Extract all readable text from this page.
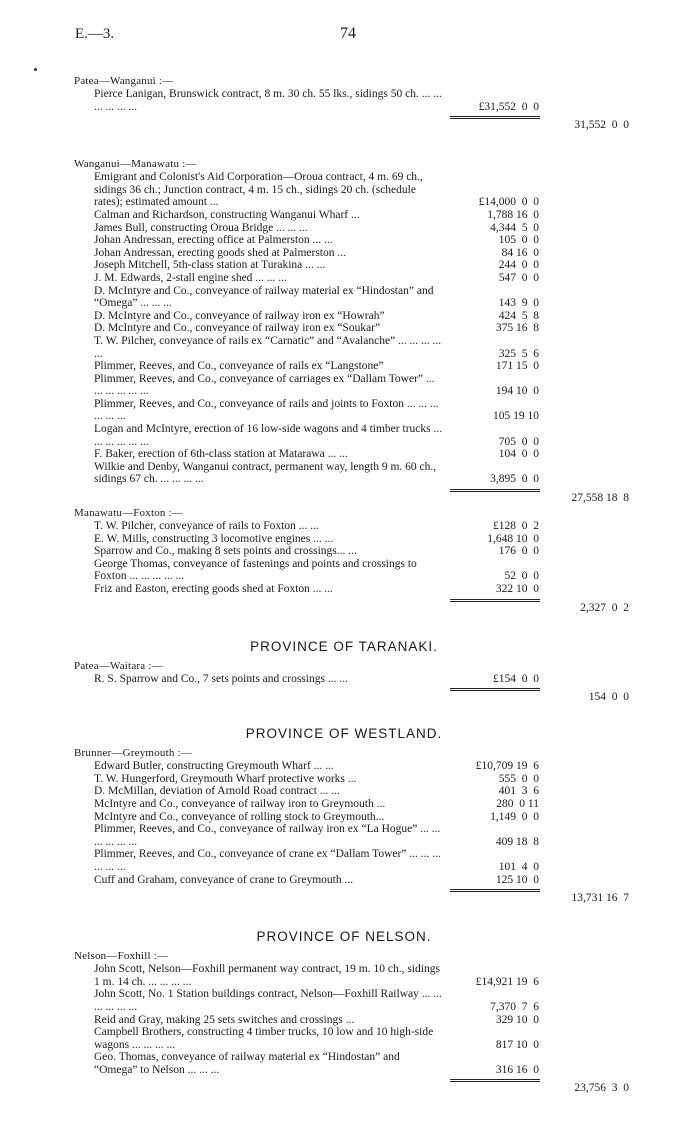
E.—3.	74
Patea—Wanganui :—
Pierce Lanigan, Brunswick contract, 8 m. 30 ch. 55 lks., sidings 50 ch. ... ... ... ... ... ...	£31,552  0  0
31,552  0  0
Wanganui—Manawatu :—
Emigrant and Colonist's Aid Corporation—Oroua contract, 4 m. 69 ch., sidings 36 ch.; Junction contract, 4 m. 15 ch., sidings 20 ch. (schedule rates); estimated amount ...	£14,000  0  0
Calman and Richardson, constructing Wanganui Wharf ...	1,788 16  0
James Bull, constructing Oroua Bridge ... ... ...	4,344  5  0
Johan Andressan, erecting office at Palmerston ... ...	105  0  0
Johan Andressan, erecting goods shed at Palmerston ...	84 16  0
Joseph Mitchell, 5th-class station at Turakina ... ...	244  0  0
J. M. Edwards, 2-stall engine shed ... ... ...	547  0  0
D. McIntyre and Co., conveyance of railway material ex “Hindostan” and “Omega” ... ... ...	143  9  0
D. McIntyre and Co., conveyance of railway iron ex “Howrah”	424  5  8
D. McIntyre and Co., conveyance of railway iron ex “Soukar”	375 16  8
T. W. Pilcher, conveyance of rails ex “Carnatic” and “Avalanche” ... ... ... ... ...	325  5  6
Plimmer, Reeves, and Co., conveyance of rails ex “Langstone”	171 15  0
Plimmer, Reeves, and Co., conveyance of carriages ex “Dallam Tower” ... ... ... ... ... ...	194 10  0
Plimmer, Reeves, and Co., conveyance of rails and joints to Foxton ... ... ... ... ... ...	105 19 10
Logan and McIntyre, erection of 16 low-side wagons and 4 timber trucks ... ... ... ... ... ...	705  0  0
F. Baker, erection of 6th-class station at Matarawa ... ...	104  0  0
Wilkie and Denby, Wanganui contract, permanent way, length 9 m. 60 ch., sidings 67 ch. ... ... ... ...	3,895  0  0
27,558 18  8
Manawatu—Foxton :—
T. W. Pilcher, conveyance of rails to Foxton ... ...	£128  0  2
E. W. Mills, constructing 3 locomotive engines ... ...	1,648 10  0
Sparrow and Co., making 8 sets points and crossings... ...	176  0  0
George Thomas, conveyance of fastenings and points and crossings to Foxton ... ... ... ... ...	52  0  0
Friz and Easton, erecting goods shed at Foxton ... ...	322 10  0
2,327  0  2
PROVINCE OF TARANAKI.
Patea—Waitara :—
R. S. Sparrow and Co., 7 sets points and crossings ... ...	£154  0  0
154  0  0
PROVINCE OF WESTLAND.
Brunner—Greymouth :—
Edward Butler, constructing Greymouth Wharf ... ...	£10,709 19  6
T. W. Hungerford, Greymouth Wharf protective works ...	555  0  0
D. McMillan, deviation of Arnold Road contract ... ...	401  3  6
McIntyre and Co., conveyance of railway iron to Greymouth ...	280  0 11
McIntyre and Co., conveyance of rolling stock to Greymouth...	1,149  0  0
Plimmer, Reeves, and Co., conveyance of railway iron ex “La Hogue” ... ... ... ... ... ...	409 18  8
Plimmer, Reeves, and Co., conveyance of crane ex “Dallam Tower” ... ... ... ... ... ...	101  4  0
Cuff and Graham, conveyance of crane to Greymouth ...	125 10  0
13,731 16  7
PROVINCE OF NELSON.
Nelson—Foxhill :—
John Scott, Nelson—Foxhill permanent way contract, 19 m. 10 ch., sidings 1 m. 14 ch. ... ... ... ...	£14,921 19  6
John Scott, No. 1 Station buildings contract, Nelson—Foxhill Railway ... ... ... ... ... ...	7,370  7  6
Reid and Gray, making 25 sets switches and crossings ...	329 10  0
Campbell Brothers, constructing 4 timber trucks, 10 low and 10 high-side wagons ... ... ... ...	817 10  0
Geo. Thomas, conveyance of railway material ex “Hindostan” and “Omega” to Nelson ... ... ...	316 16  0
23,756  3  0
